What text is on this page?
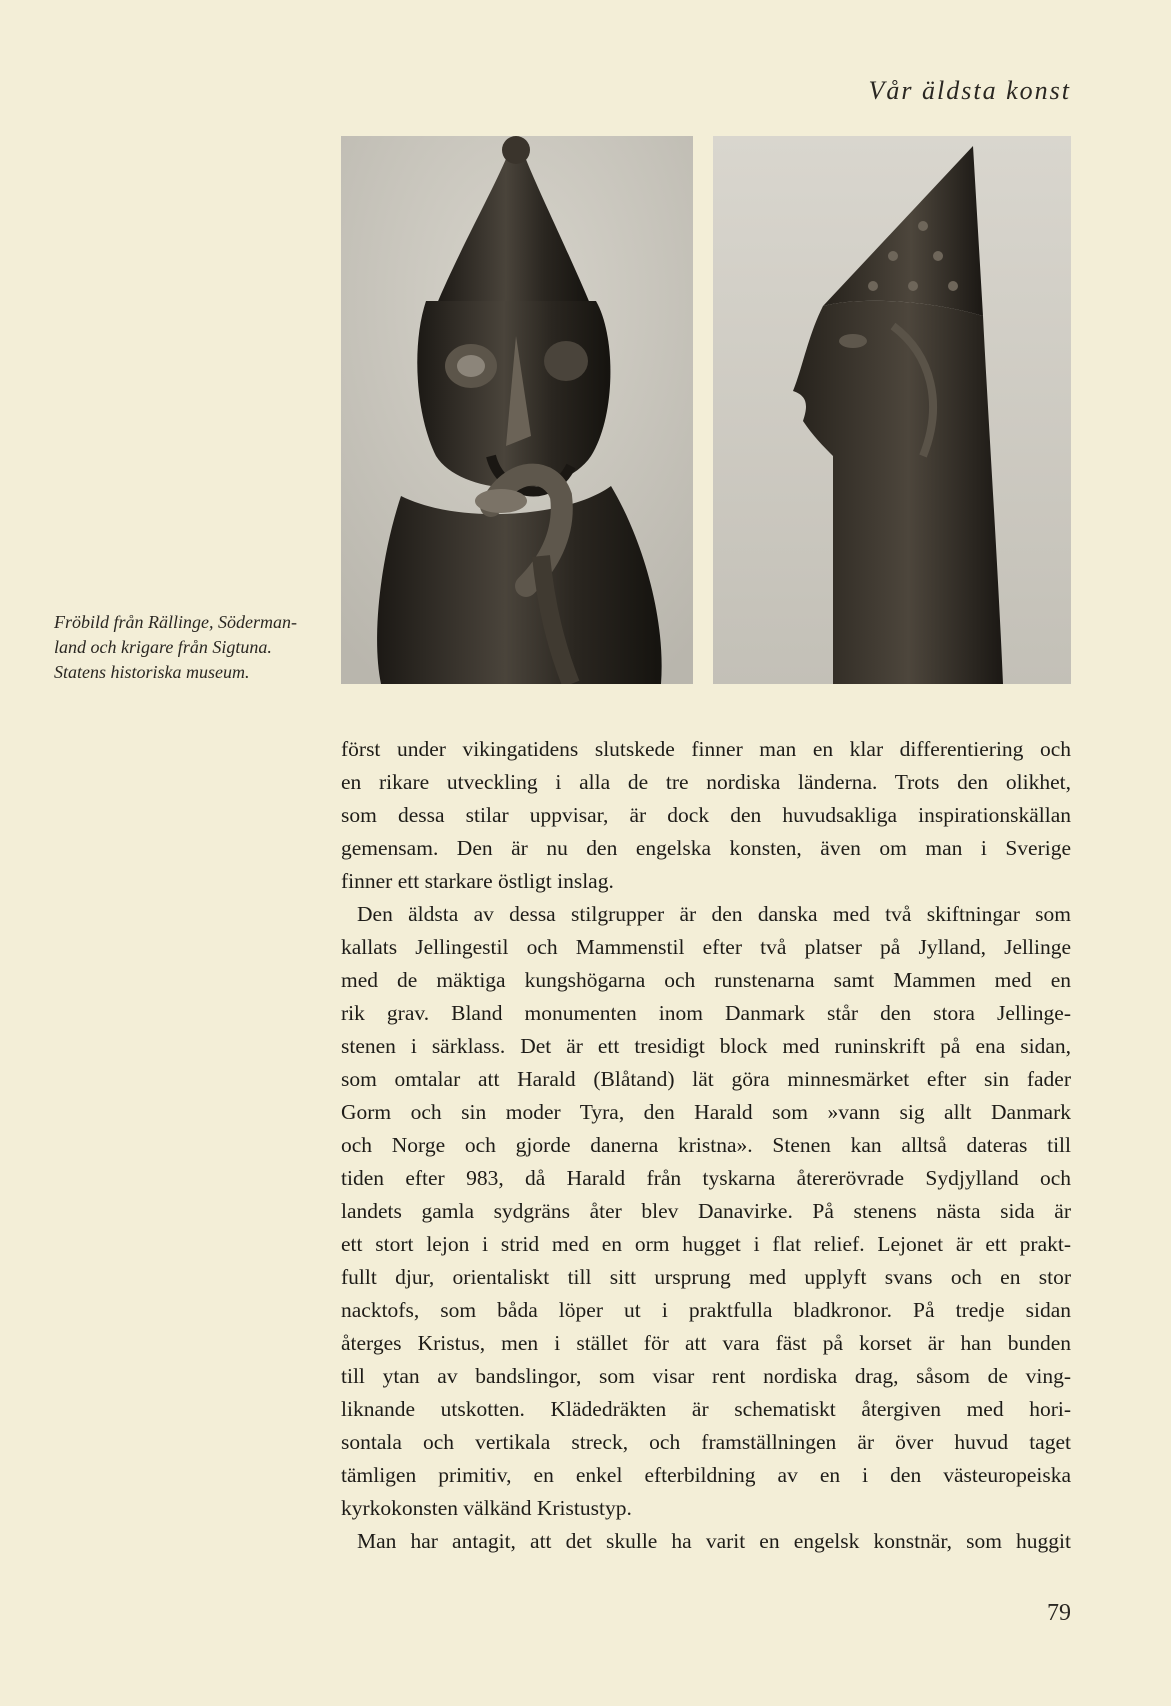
Vår äldsta konst
Fröbild från Rällinge, Söderman-
land och krigare från Sigtuna.
Statens historiska museum.
först under vikingatidens slutskede finner man en klar differentiering och
en rikare utveckling i alla de tre nordiska länderna. Trots den olikhet,
som dessa stilar uppvisar, är dock den huvudsakliga inspirationskällan
gemensam. Den är nu den engelska konsten, även om man i Sverige
finner ett starkare östligt inslag.
Den äldsta av dessa stilgrupper är den danska med två skiftningar som
kallats Jellingestil och Mammenstil efter två platser på Jylland, Jellinge
med de mäktiga kungshögarna och runstenarna samt Mammen med en
rik grav. Bland monumenten inom Danmark står den stora Jellinge-
stenen i särklass. Det är ett tresidigt block med runinskrift på ena sidan,
som omtalar att Harald (Blåtand) lät göra minnesmärket efter sin fader
Gorm och sin moder Tyra, den Harald som »vann sig allt Danmark
och Norge och gjorde danerna kristna». Stenen kan alltså dateras till
tiden efter 983, då Harald från tyskarna återerövrade Sydjylland och
landets gamla sydgräns åter blev Danavirke. På stenens nästa sida är
ett stort lejon i strid med en orm hugget i flat relief. Lejonet är ett prakt-
fullt djur, orientaliskt till sitt ursprung med upplyft svans och en stor
nacktofs, som båda löper ut i praktfulla bladkronor. På tredje sidan
återges Kristus, men i stället för att vara fäst på korset är han bunden
till ytan av bandslingor, som visar rent nordiska drag, såsom de ving-
liknande utskotten. Klädedräkten är schematiskt återgiven med hori-
sontala och vertikala streck, och framställningen är över huvud taget
tämligen primitiv, en enkel efterbildning av en i den västeuropeiska
kyrkokonsten välkänd Kristustyp.
Man har antagit, att det skulle ha varit en engelsk konstnär, som huggit
79
